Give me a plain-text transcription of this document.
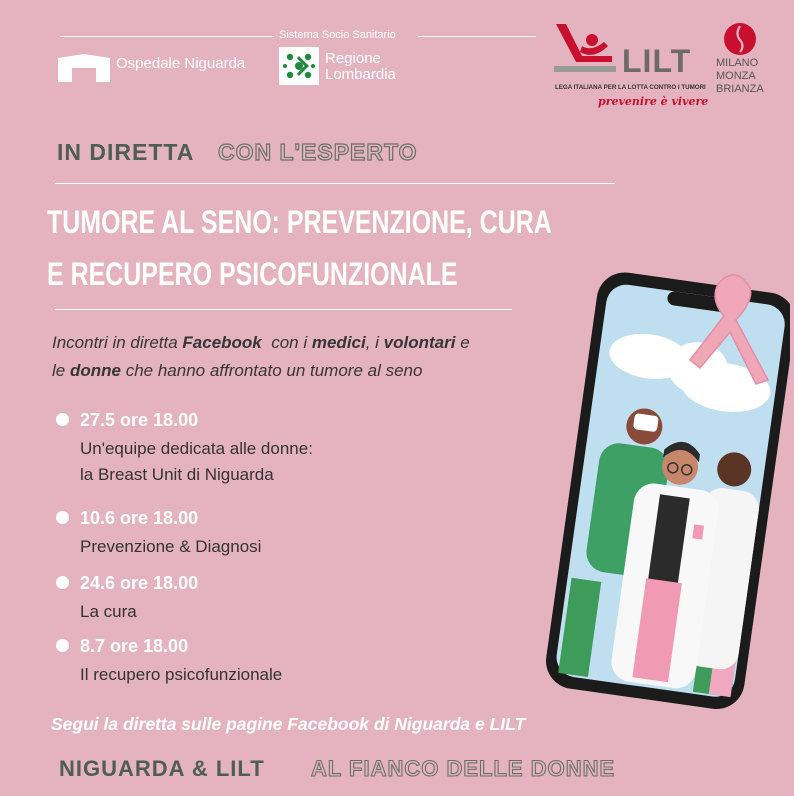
Sistema Socio Sanitario
Ospedale Niguarda	Regione
Lombardia	LILT
LEGA ITALIANA PER LA LOTTA CONTRO I TUMORI
prevenire è vivere
MILANO
MONZA
BRIANZA
IN DIRETTA CON L'ESPERTO
TUMORE AL SENO: PREVENZIONE, CURA
E RECUPERO PSICOFUNZIONALE
Incontri in diretta Facebook  con i medici, i volontari e
le donne che hanno affrontato un tumore al seno
27.5 ore 18.00
Un'equipe dedicata alle donne:
la Breast Unit di Niguarda
10.6 ore 18.00
Prevenzione & Diagnosi
24.6 ore 18.00
La cura
8.7 ore 18.00
Il recupero psicofunzionale
Segui la diretta sulle pagine Facebook di Niguarda e LILT
NIGUARDA & LILT AL FIANCO DELLE DONNE
